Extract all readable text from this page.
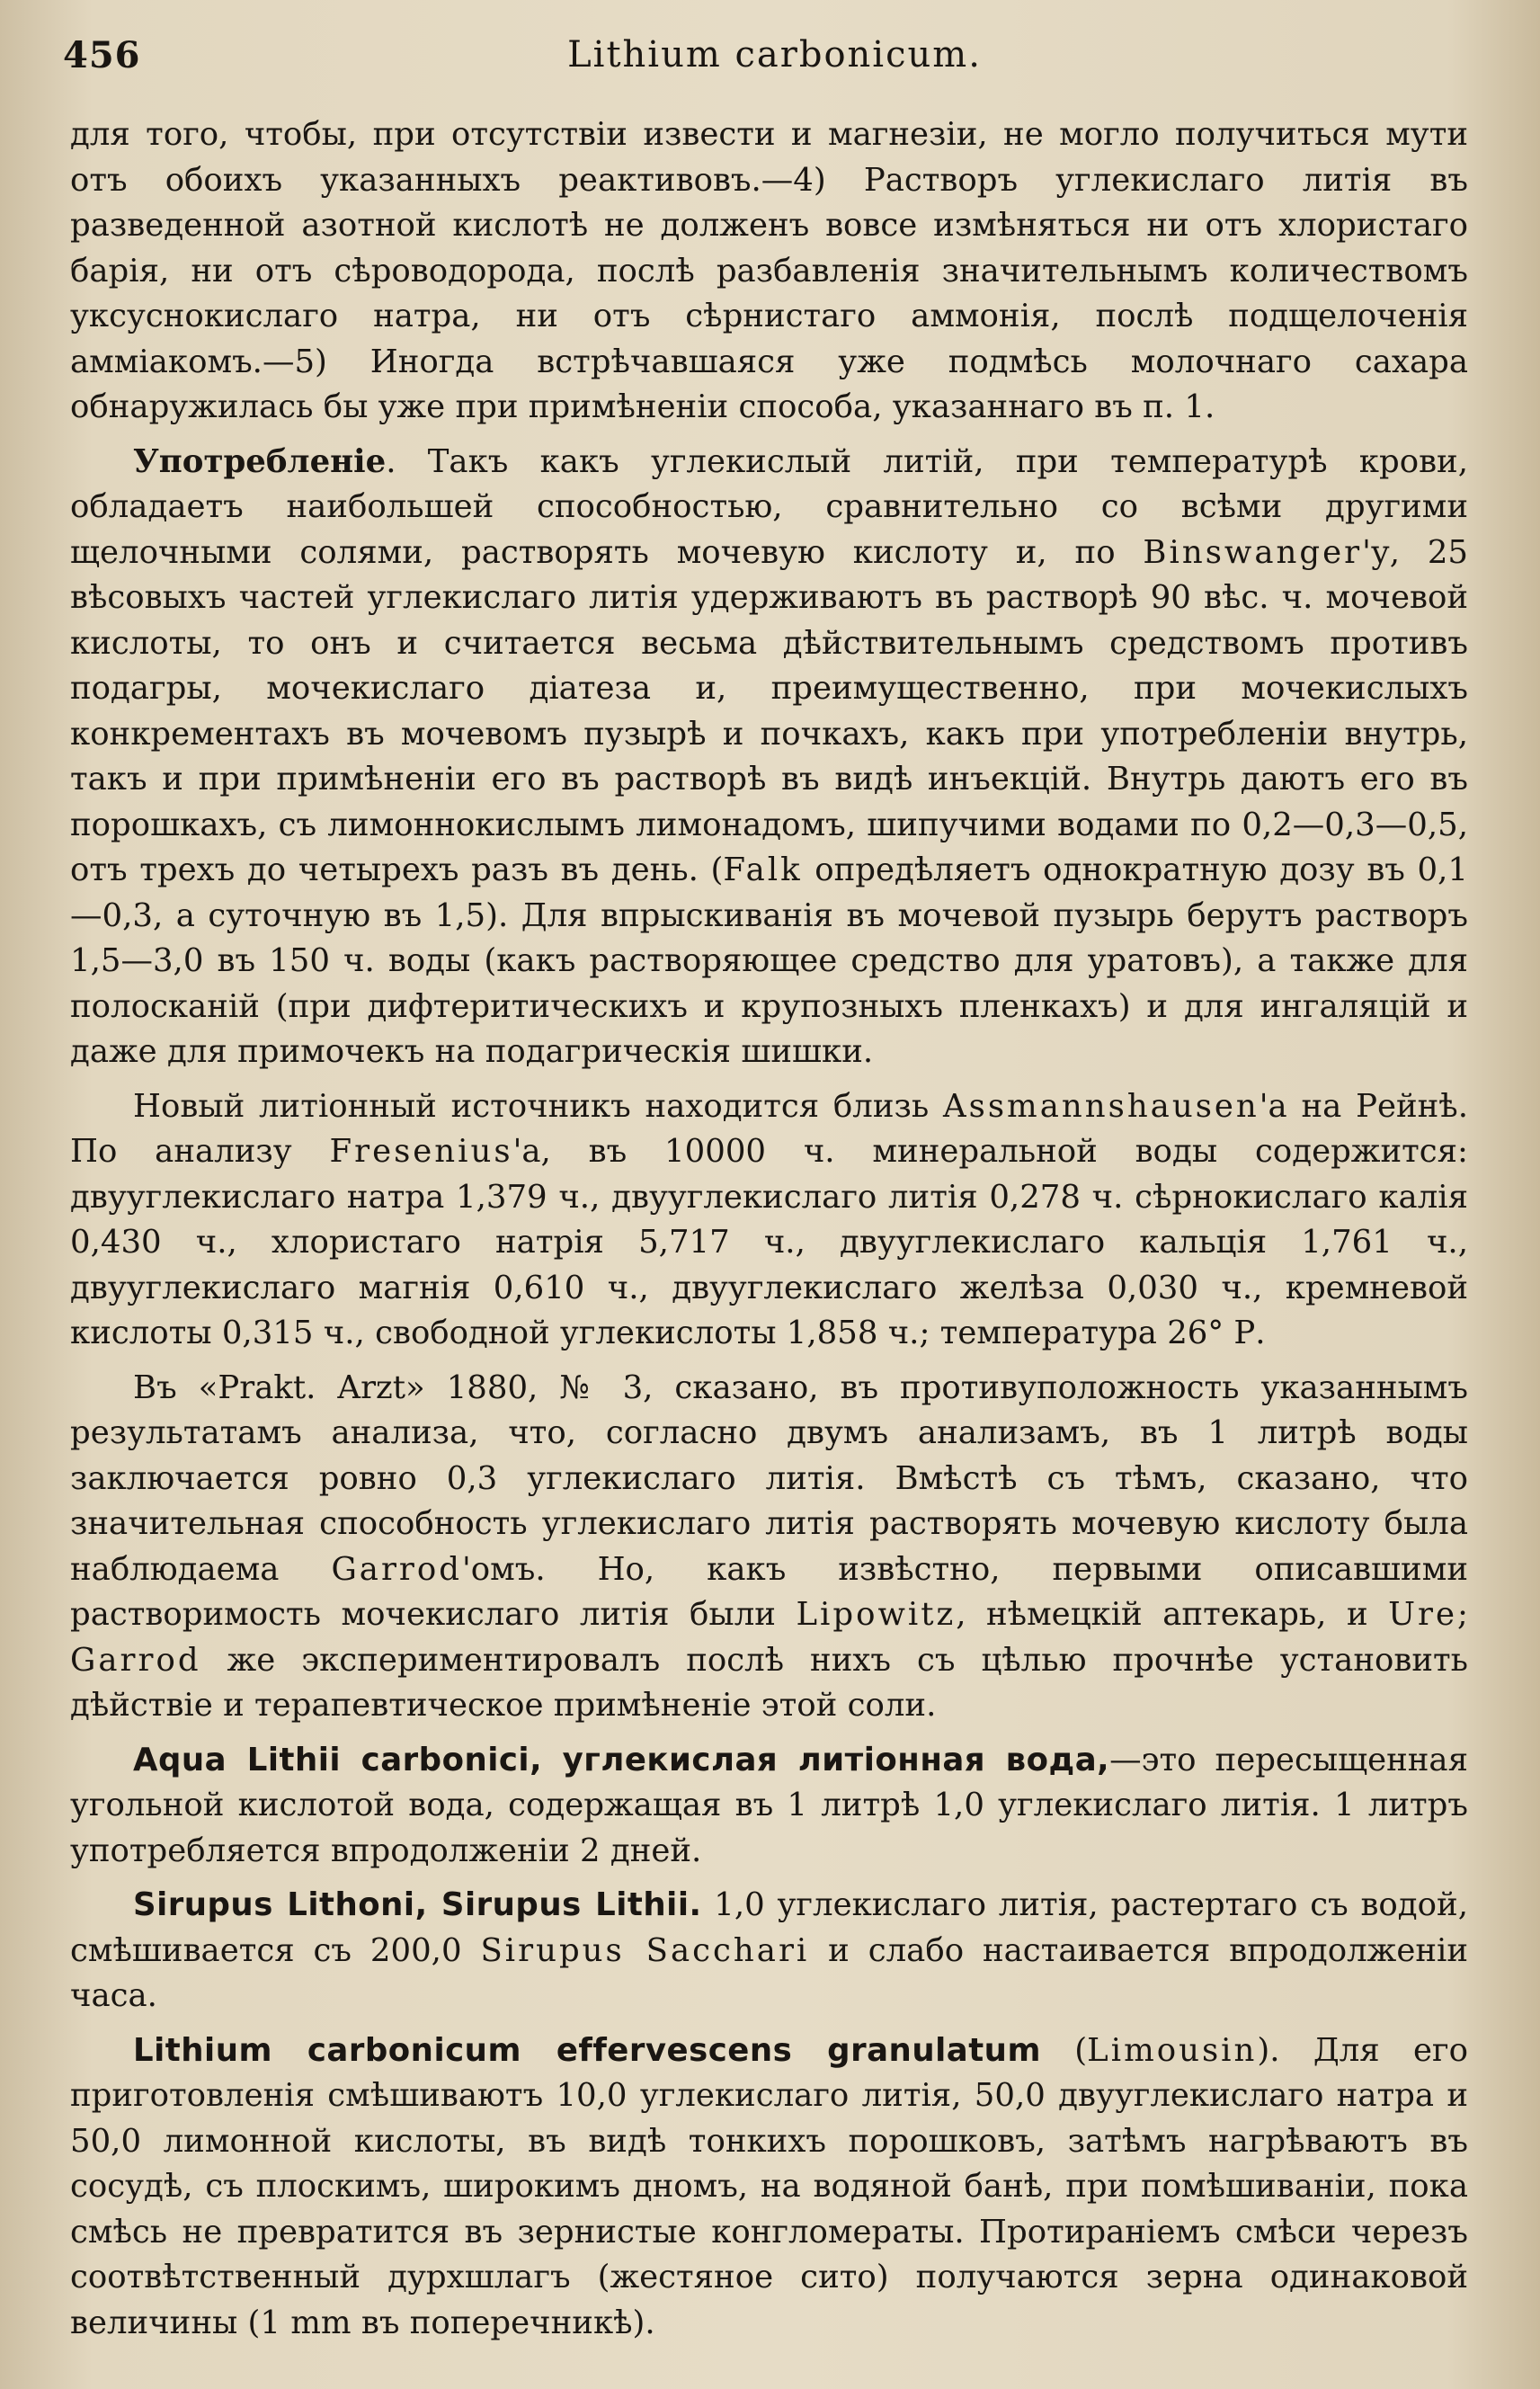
456	Lithium carbonicum.

для того, чтобы, при отсутствіи извести и магнезіи, не могло получиться мути отъ обоихъ указанныхъ реактивовъ.—4) Растворъ углекислаго литія въ разведенной азотной кислотѣ не долженъ вовсе измѣняться ни отъ хлористаго барія, ни отъ сѣроводорода, послѣ разбавленія значительнымъ количествомъ уксуснокислаго натра, ни отъ сѣрнистаго аммонія, послѣ подщелоченія аммiакомъ.—5) Иногда встрѣчавшаяся уже подмѣсь молочнаго сахара обнаружилась бы уже при примѣненіи способа, указаннаго въ п. 1.

Употребленіе. Такъ какъ углекислый литій, при температурѣ крови, обладаетъ наибольшей способностью, сравнительно со всѣми другими щелочными солями, растворять мочевую кислоту и, по Binswanger'у, 25 вѣсовыхъ частей углекислаго литія удерживаютъ въ растворѣ 90 вѣс. ч. мочевой кислоты, то онъ и считается весьма дѣйствительнымъ средствомъ противъ подагры, мочекислаго діатеза и, преимущественно, при мочекислыхъ конкрементахъ въ мочевомъ пузырѣ и почкахъ, какъ при употребленіи внутрь, такъ и при примѣненіи его въ растворѣ въ видѣ инъекцій. Внутрь даютъ его въ порошкахъ, съ лимоннокислымъ лимонадомъ, шипучими водами по 0,2—0,3—0,5, отъ трехъ до четырехъ разъ въ день. (Falk опредѣляетъ однократную дозу въ 0,1—0,3, а суточную въ 1,5). Для впрыскиванія въ мочевой пузырь берутъ растворъ 1,5—3,0 въ 150 ч. воды (какъ растворяющее средство для уратовъ), а также для полосканій (при дифтеритическихъ и крупозныхъ пленкахъ) и для ингаляцій и даже для примочекъ на подагрическія шишки.

Новый литіонный источникъ находится близь Assmannshausen'а на Рейнѣ. По анализу Fresenius'а, въ 10000 ч. минеральной воды содержится: двууглекислаго натра 1,379 ч., двууглекислаго литія 0,278 ч. сѣрнокислаго калія 0,430 ч., хлористаго натрія 5,717 ч., двууглекислаго кальція 1,761 ч., двууглекислаго магнія 0,610 ч., двууглекислаго желѣза 0,030 ч., кремневой кислоты 0,315 ч., свободной углекислоты 1,858 ч.; температура 26° Р.

Въ «Prakt. Arzt» 1880, № 3, сказано, въ противуположность указаннымъ результатамъ анализа, что, согласно двумъ анализамъ, въ 1 литрѣ воды заключается ровно 0,3 углекислаго литія. Вмѣстѣ съ тѣмъ, сказано, что значительная способность углекислаго литія растворять мочевую кислоту была наблюдаема Garrod'омъ. Но, какъ извѣстно, первыми описавшими растворимость мочекислаго литія были Lipowitz, нѣмецкій аптекарь, и Ure; Garrod же экспериментировалъ послѣ нихъ съ цѣлью прочнѣе установить дѣйствіе и терапевтическое примѣненіе этой соли.

Aqua Lithii carbonici, углекислая литіонная вода,—это пересыщенная угольной кислотой вода, содержащая въ 1 литрѣ 1,0 углекислаго литія. 1 литръ употребляется впродолженіи 2 дней.

Sirupus Lithoni, Sirupus Lithii. 1,0 углекислаго литія, растертаго съ водой, смѣшивается съ 200,0 Sirupus Sacchari и слабо настаивается впродолженіи часа.

Lithium carbonicum effervescens granulatum (Limousin). Для его приготовленія смѣшиваютъ 10,0 углекислаго литія, 50,0 двууглекислаго натра и 50,0 лимонной кислоты, въ видѣ тонкихъ порошковъ, затѣмъ нагрѣваютъ въ сосудѣ, съ плоскимъ, широкимъ дномъ, на водяной банѣ, при помѣшиваніи, пока смѣсь не превратится въ зернистые конгломераты. Протираніемъ смѣси черезъ соотвѣтственный дурхшлагъ (жестяное сито) получаются зерна одинаковой величины (1 mm въ поперечникѣ).
